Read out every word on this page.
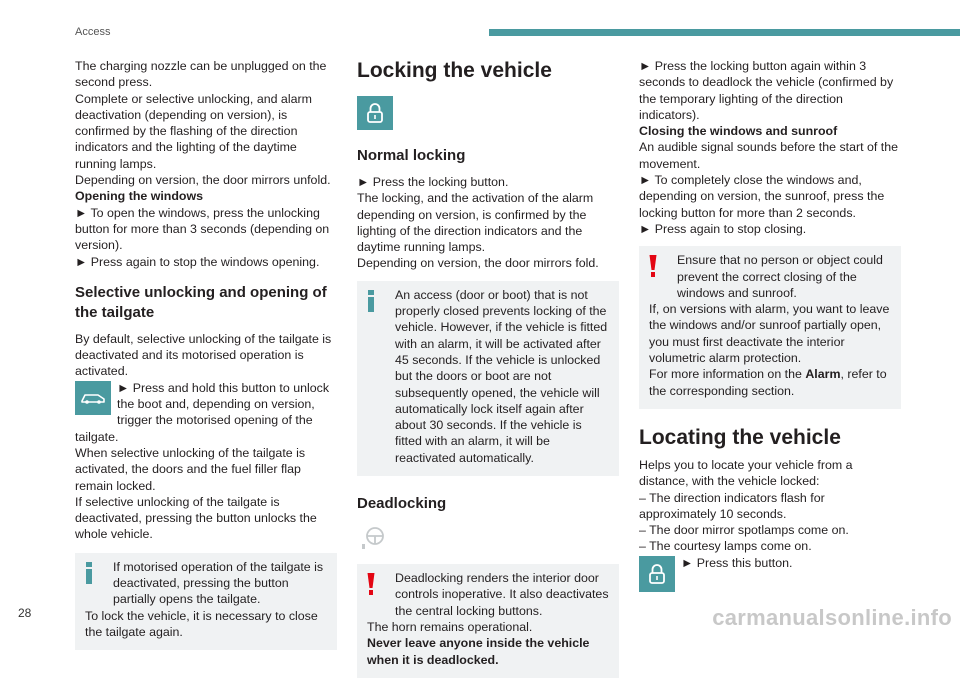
Access

The charging nozzle can be unplugged on the second press.

Complete or selective unlocking, and alarm deactivation (depending on version), is confirmed by the flashing of the direction indicators and the lighting of the daytime running lamps.

Depending on version, the door mirrors unfold.

Opening the windows

► To open the windows, press the unlocking button for more than 3 seconds (depending on version).

► Press again to stop the windows opening.

Selective unlocking and opening of the tailgate

By default, selective unlocking of the tailgate is deactivated and its motorised operation is activated.

► Press and hold this button to unlock the boot and, depending on version, trigger the motorised opening of the tailgate.

When selective unlocking of the tailgate is activated, the doors and the fuel filler flap remain locked.

If selective unlocking of the tailgate is deactivated, pressing the button unlocks the whole vehicle.

If motorised operation of the tailgate is deactivated, pressing the button partially opens the tailgate.

To lock the vehicle, it is necessary to close the tailgate again.

Locking the vehicle
Normal locking

► Press the locking button.

The locking, and the activation of the alarm depending on version, is confirmed by the lighting of the direction indicators and the daytime running lamps.

Depending on version, the door mirrors fold.

An access (door or boot) that is not properly closed prevents locking of the vehicle. However, if the vehicle is fitted with an alarm, it will be activated after 45 seconds. If the vehicle is unlocked but the doors or boot are not subsequently opened, the vehicle will automatically lock itself again after about 30 seconds. If the vehicle is fitted with an alarm, it will be reactivated automatically.

Deadlocking

Deadlocking renders the interior door controls inoperative. It also deactivates the central locking buttons.

The horn remains operational.

Never leave anyone inside the vehicle when it is deadlocked.

► Press the locking button again within 3 seconds to deadlock the vehicle (confirmed by the temporary lighting of the direction indicators).

Closing the windows and sunroof

An audible signal sounds before the start of the movement.

► To completely close the windows and, depending on version, the sunroof, press the locking button for more than 2 seconds.

► Press again to stop closing.

Ensure that no person or object could prevent the correct closing of the windows and sunroof.

If, on versions with alarm, you want to leave the windows and/or sunroof partially open, you must first deactivate the interior volumetric alarm protection.

For more information on the Alarm, refer to the corresponding section.

Locating the vehicle

Helps you to locate your vehicle from a distance, with the vehicle locked:

– The direction indicators flash for approximately 10 seconds.

– The door mirror spotlamps come on.

– The courtesy lamps come on.

► Press this button.

28	carmanualsonline.info
